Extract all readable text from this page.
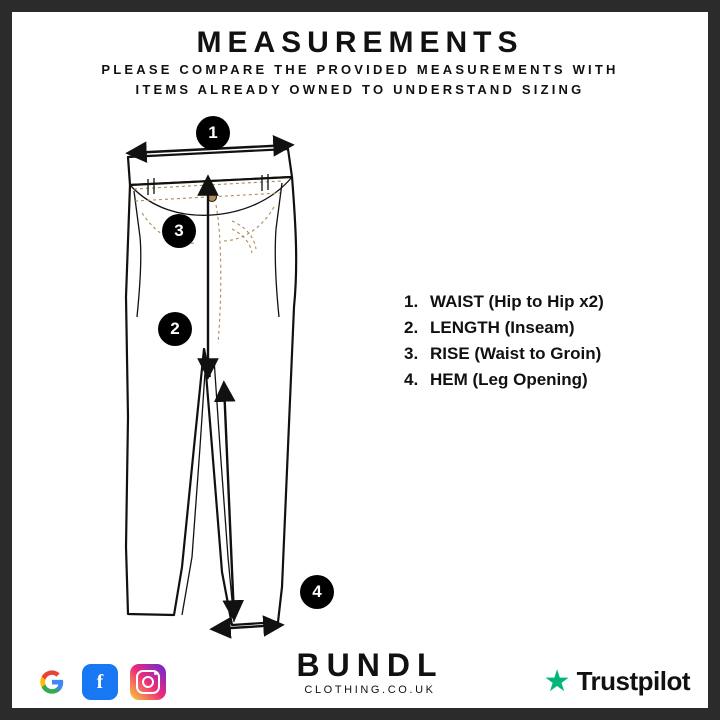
MEASUREMENTS
PLEASE COMPARE THE PROVIDED MEASUREMENTS WITH
ITEMS ALREADY OWNED TO UNDERSTAND SIZING
1
2
3
4
1. WAIST (Hip to Hip x2)
2. LENGTH (Inseam)
3. RISE (Waist to Groin)
4. HEM (Leg Opening)
BUNDL
CLOTHING.CO.UK
f	★ Trustpilot
